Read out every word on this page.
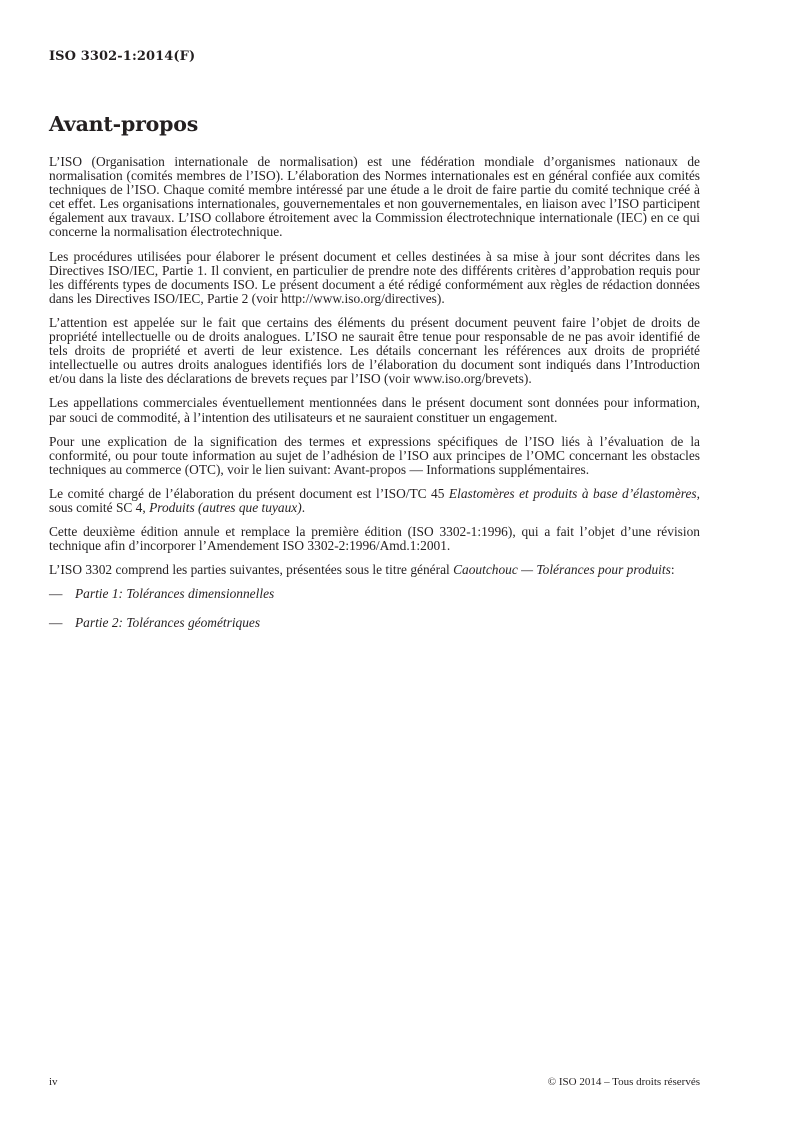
ISO 3302-1:2014(F)
Avant-propos

L’ISO (Organisation internationale de normalisation) est une fédération mondiale d’organismes nationaux de normalisation (comités membres de l’ISO). L’élaboration des Normes internationales est en général confiée aux comités techniques de l’ISO. Chaque comité membre intéressé par une étude a le droit de faire partie du comité technique créé à cet effet. Les organisations internationales, gouvernementales et non gouvernementales, en liaison avec l’ISO participent également aux travaux. L’ISO collabore étroitement avec la Commission électrotechnique internationale (IEC) en ce qui concerne la normalisation électrotechnique.

Les procédures utilisées pour élaborer le présent document et celles destinées à sa mise à jour sont décrites dans les Directives ISO/IEC, Partie 1. Il convient, en particulier de prendre note des différents critères d’approbation requis pour les différents types de documents ISO. Le présent document a été rédigé conformément aux règles de rédaction données dans les Directives ISO/IEC, Partie 2 (voir http://www.iso.org/directives).

L’attention est appelée sur le fait que certains des éléments du présent document peuvent faire l’objet de droits de propriété intellectuelle ou de droits analogues. L’ISO ne saurait être tenue pour responsable de ne pas avoir identifié de tels droits de propriété et averti de leur existence. Les détails concernant les références aux droits de propriété intellectuelle ou autres droits analogues identifiés lors de l’élaboration du document sont indiqués dans l’Introduction et/ou dans la liste des déclarations de brevets reçues par l’ISO (voir www.iso.org/brevets).

Les appellations commerciales éventuellement mentionnées dans le présent document sont données pour information, par souci de commodité, à l’intention des utilisateurs et ne sauraient constituer un engagement.

Pour une explication de la signification des termes et expressions spécifiques de l’ISO liés à l’évaluation de la conformité, ou pour toute information au sujet de l’adhésion de l’ISO aux principes de l’OMC concernant les obstacles techniques au commerce (OTC), voir le lien suivant: Avant-propos — Informations supplémentaires.

Le comité chargé de l’élaboration du présent document est l’ISO/TC 45 Elastomères et produits à base d’élastomères, sous comité SC 4, Produits (autres que tuyaux).

Cette deuxième édition annule et remplace la première édition (ISO 3302-1:1996), qui a fait l’objet d’une révision technique afin d’incorporer l’Amendement ISO 3302-2:1996/Amd.1:2001.

L’ISO 3302 comprend les parties suivantes, présentées sous le titre général Caoutchouc — Tolérances pour produits:

— Partie 1: Tolérances dimensionnelles

— Partie 2: Tolérances géométriques

iv	© ISO 2014 – Tous droits réservés
